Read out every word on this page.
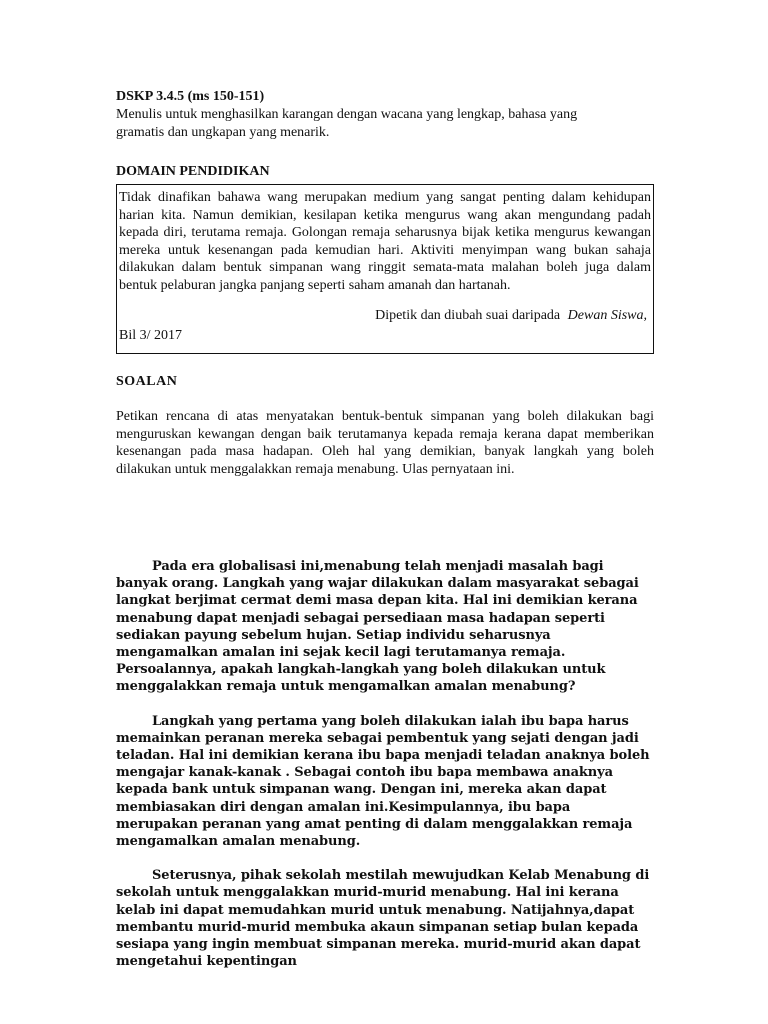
DSKP 3.4.5 (ms 150-151)

Menulis untuk menghasilkan karangan dengan wacana yang lengkap, bahasa yang

gramatis dan ungkapan yang menarik.

DOMAIN PENDIDIKAN

Tidak dinafikan bahawa wang merupakan medium yang sangat penting dalam kehidupan harian kita. Namun demikian, kesilapan ketika mengurus wang akan mengundang padah kepada diri, terutama remaja. Golongan remaja seharusnya bijak ketika mengurus kewangan mereka untuk kesenangan pada kemudian hari. Aktiviti menyimpan wang bukan sahaja dilakukan dalam bentuk simpanan wang ringgit semata-mata malahan boleh juga dalam bentuk pelaburan jangka panjang seperti saham amanah dan hartanah.

Dipetik dan diubah suai daripada Dewan Siswa,

Bil 3/ 2017

SOALAN

Petikan rencana di atas menyatakan bentuk-bentuk simpanan yang boleh dilakukan bagi menguruskan kewangan dengan baik terutamanya kepada remaja kerana dapat memberikan kesenangan pada masa hadapan. Oleh hal yang demikian, banyak langkah yang boleh dilakukan untuk menggalakkan remaja menabung. Ulas pernyataan ini.

Pada era globalisasi ini,menabung telah menjadi masalah bagi banyak orang. Langkah yang wajar dilakukan dalam masyarakat sebagai langkat berjimat cermat demi masa depan kita. Hal ini demikian kerana menabung dapat menjadi sebagai persediaan masa hadapan seperti sediakan payung sebelum hujan. Setiap individu seharusnya mengamalkan amalan ini sejak kecil lagi terutamanya remaja. Persoalannya, apakah langkah-langkah yang boleh dilakukan untuk menggalakkan remaja untuk mengamalkan amalan menabung?

Langkah yang pertama yang boleh dilakukan ialah ibu bapa harus memainkan peranan mereka sebagai pembentuk yang sejati dengan jadi teladan. Hal ini demikian kerana ibu bapa menjadi teladan anaknya boleh mengajar kanak-kanak . Sebagai contoh ibu bapa membawa anaknya kepada bank untuk simpanan wang. Dengan ini, mereka akan dapat membiasakan diri dengan amalan ini.Kesimpulannya, ibu bapa merupakan peranan yang amat penting di dalam menggalakkan remaja mengamalkan amalan menabung.

Seterusnya, pihak sekolah mestilah mewujudkan Kelab Menabung di sekolah untuk menggalakkan murid-murid menabung. Hal ini kerana kelab ini dapat memudahkan murid untuk menabung. Natijahnya,dapat membantu murid-murid membuka akaun simpanan setiap bulan kepada sesiapa yang ingin membuat simpanan mereka. murid-murid akan dapat mengetahui kepentingan
